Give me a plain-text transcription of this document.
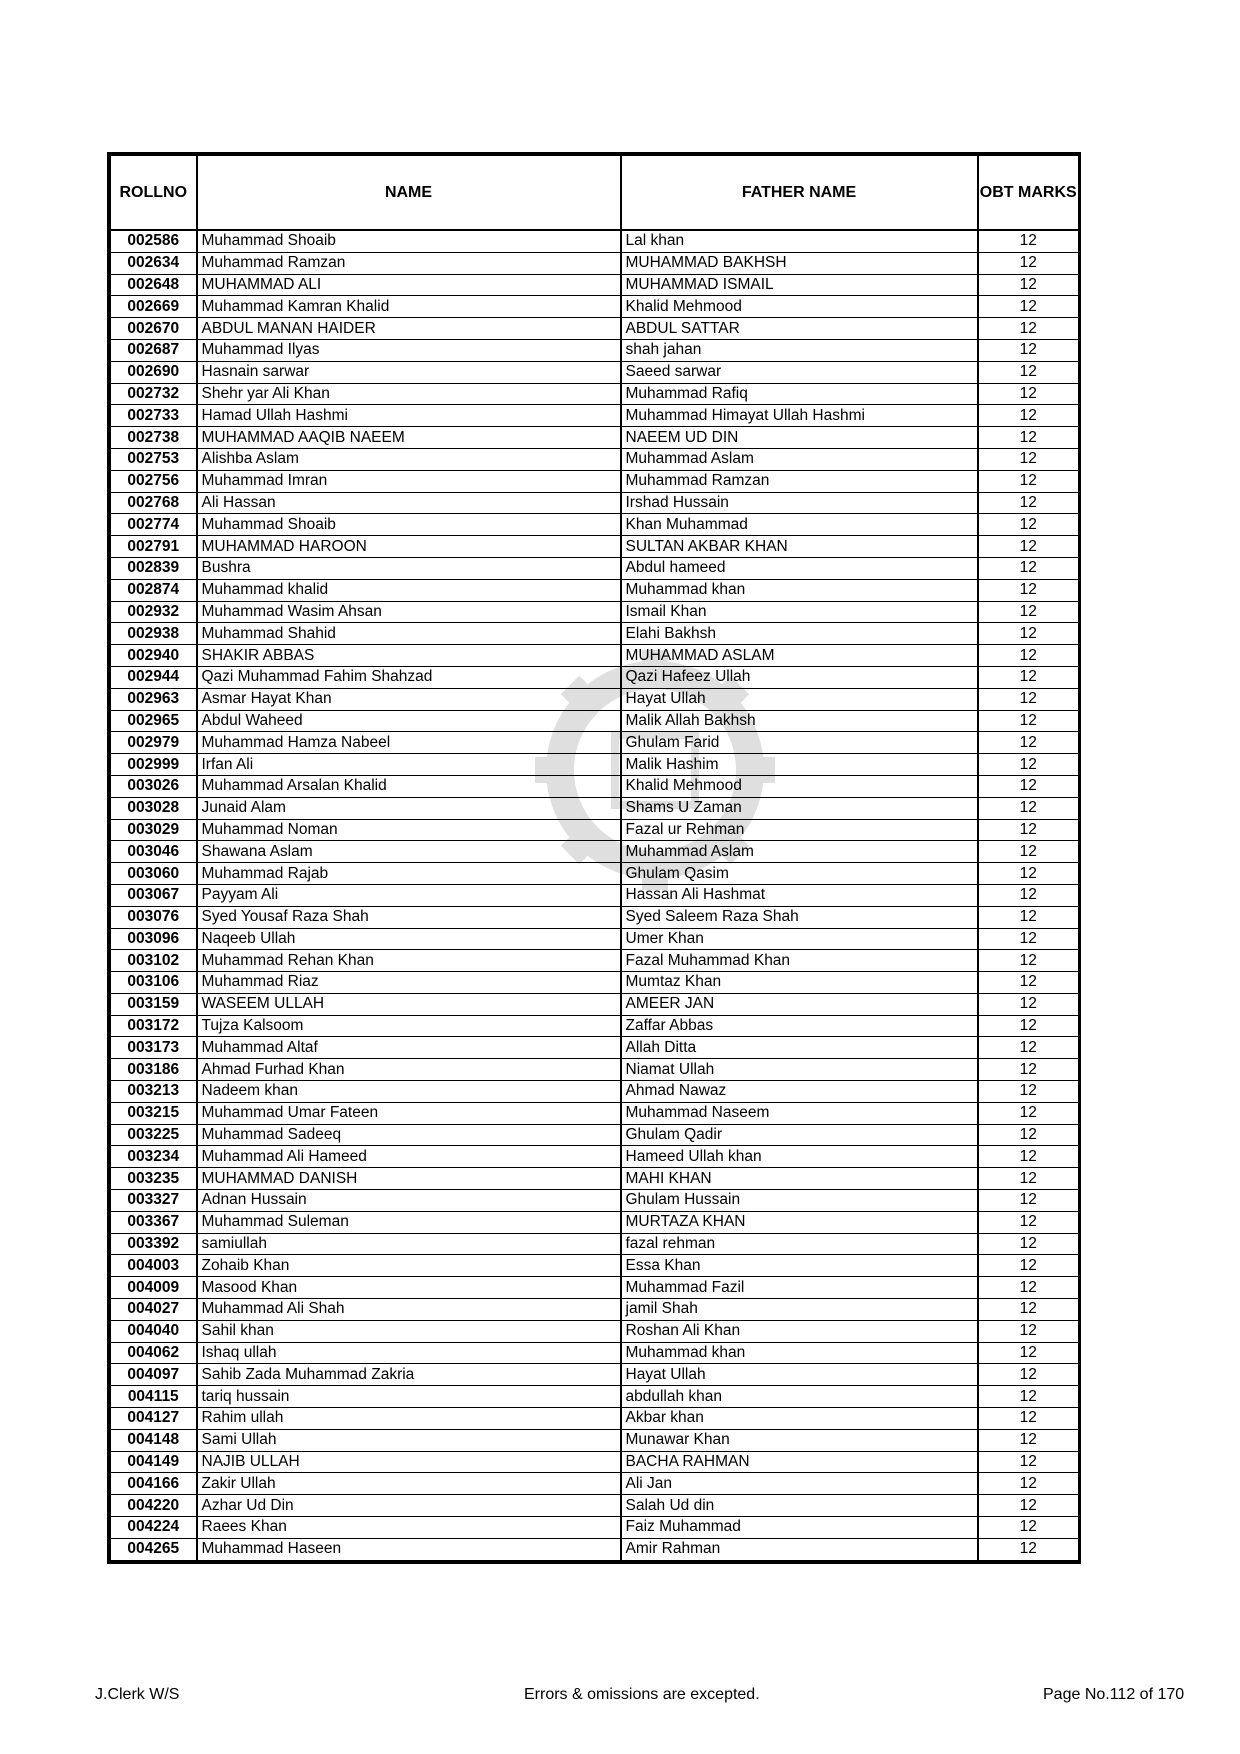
ROLLNO	NAME	FATHER NAME	OBT MARKS
002586	Muhammad Shoaib	Lal khan	12
002634	Muhammad Ramzan	MUHAMMAD BAKHSH	12
002648	MUHAMMAD ALI	MUHAMMAD ISMAIL	12
002669	Muhammad Kamran Khalid	Khalid Mehmood	12
002670	ABDUL MANAN HAIDER	ABDUL SATTAR	12
002687	Muhammad Ilyas	shah jahan	12
002690	Hasnain sarwar	Saeed sarwar	12
002732	Shehr yar Ali Khan	Muhammad Rafiq	12
002733	Hamad Ullah Hashmi	Muhammad Himayat Ullah Hashmi	12
002738	MUHAMMAD AAQIB NAEEM	NAEEM UD DIN	12
002753	Alishba Aslam	Muhammad Aslam	12
002756	Muhammad Imran	Muhammad Ramzan	12
002768	Ali Hassan	Irshad Hussain	12
002774	Muhammad Shoaib	Khan Muhammad	12
002791	MUHAMMAD HAROON	SULTAN AKBAR KHAN	12
002839	Bushra	Abdul hameed	12
002874	Muhammad khalid	Muhammad khan	12
002932	Muhammad Wasim Ahsan	Ismail Khan	12
002938	Muhammad Shahid	Elahi Bakhsh	12
002940	SHAKIR ABBAS	MUHAMMAD ASLAM	12
002944	Qazi Muhammad Fahim Shahzad	Qazi Hafeez Ullah	12
002963	Asmar Hayat Khan	Hayat Ullah	12
002965	Abdul Waheed	Malik Allah Bakhsh	12
002979	Muhammad Hamza Nabeel	Ghulam Farid	12
002999	Irfan Ali	Malik Hashim	12
003026	Muhammad Arsalan Khalid	Khalid Mehmood	12
003028	Junaid Alam	Shams U Zaman	12
003029	Muhammad Noman	Fazal ur Rehman	12
003046	Shawana Aslam	Muhammad Aslam	12
003060	Muhammad Rajab	Ghulam Qasim	12
003067	Payyam Ali	Hassan Ali Hashmat	12
003076	Syed Yousaf Raza Shah	Syed Saleem Raza Shah	12
003096	Naqeeb Ullah	Umer Khan	12
003102	Muhammad Rehan Khan	Fazal Muhammad Khan	12
003106	Muhammad Riaz	Mumtaz Khan	12
003159	WASEEM ULLAH	AMEER JAN	12
003172	Tujza Kalsoom	Zaffar Abbas	12
003173	Muhammad Altaf	Allah Ditta	12
003186	Ahmad Furhad Khan	Niamat Ullah	12
003213	Nadeem khan	Ahmad Nawaz	12
003215	Muhammad Umar Fateen	Muhammad Naseem	12
003225	Muhammad Sadeeq	Ghulam Qadir	12
003234	Muhammad Ali Hameed	Hameed Ullah khan	12
003235	MUHAMMAD DANISH	MAHI KHAN	12
003327	Adnan Hussain	Ghulam Hussain	12
003367	Muhammad Suleman	MURTAZA KHAN	12
003392	samiullah	fazal rehman	12
004003	Zohaib Khan	Essa Khan	12
004009	Masood Khan	Muhammad Fazil	12
004027	Muhammad Ali Shah	jamil Shah	12
004040	Sahil khan	Roshan Ali Khan	12
004062	Ishaq ullah	Muhammad khan	12
004097	Sahib Zada Muhammad Zakria	Hayat Ullah	12
004115	tariq hussain	abdullah khan	12
004127	Rahim ullah	Akbar khan	12
004148	Sami Ullah	Munawar Khan	12
004149	NAJIB ULLAH	BACHA RAHMAN	12
004166	Zakir Ullah	Ali Jan	12
004220	Azhar Ud Din	Salah Ud din	12
004224	Raees Khan	Faiz Muhammad	12
004265	Muhammad Haseen	Amir Rahman	12
J.Clerk W/S	Errors & omissions are excepted.	Page No.112 of 170
